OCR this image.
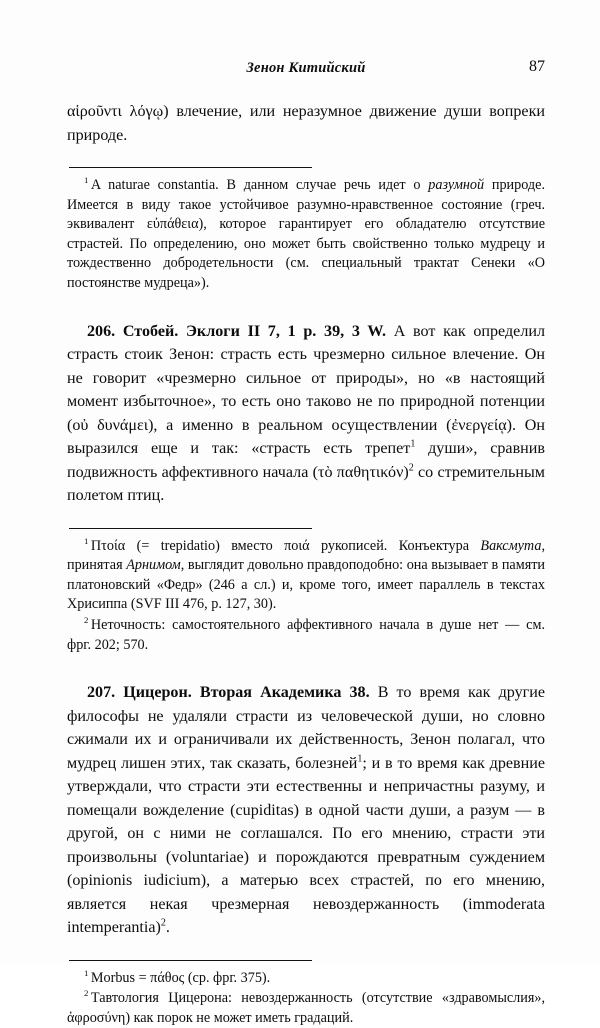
Зенон Китийский	87

αἱροῦντι λόγῳ) влечение, или неразумное движение души вопреки природе.

$^1$ A naturae constantia. В данном случае речь идет о разумной природе. Имеется в виду такое устойчивое разумно-нравственное состояние (греч. эквивалент εὐπάθεια), которое гарантирует его обладателю отсутствие страстей. По определению, оно может быть свойственно только мудрецу и тождественно добродетельности (см. специальный трактат Сенеки «О постоянстве мудреца»).

206. Стобей. Эклоги II 7, 1 p. 39, 3 W. А вот как определил страсть стоик Зенон: страсть есть чрезмерно сильное влечение. Он не говорит «чрезмерно сильное от природы», но «в настоящий момент избыточное», то есть оно таково не по природной потенции (οὐ δυνάμει), а именно в реальном осуществлении (ἐνεργείᾳ). Он выразился еще и так: «страсть есть трепет$^1$ души», сравнив подвижность аффективного начала (τὸ παθητικόν)$^2$ со стремительным полетом птиц.

$^1$ Πτοία (= trepidatio) вместо ποιά рукописей. Конъектура Ваксмута, принятая Арнимом, выглядит довольно правдоподобно: она вызывает в памяти платоновский «Федр» (246 a сл.) и, кроме того, имеет параллель в текстах Хрисиппа (SVF III 476, p. 127, 30).

$^2$ Неточность: самостоятельного аффективного начала в душе нет — см. фрг. 202; 570.

207. Цицерон. Вторая Академика 38. В то время как другие философы не удаляли страсти из человеческой души, но словно сжимали их и ограничивали их действенность, Зенон полагал, что мудрец лишен этих, так сказать, болезней$^1$; и в то время как древние утверждали, что страсти эти естественны и непричастны разуму, и помещали вожделение (cupiditas) в одной части души, а разум — в другой, он с ними не соглашался. По его мнению, страсти эти произвольны (voluntariae) и порождаются превратным суждением (opinionis iudicium), а матерью всех страстей, по его мнению, является некая чрезмерная невоздержанность (immoderata intemperantia)$^2$.

$^1$ Morbus = πάθος (ср. фрг. 375).

$^2$ Тавтология Цицерона: невоздержанность (отсутствие «здравомыслия», ἀφροσύνη) как порок не может иметь градаций.
